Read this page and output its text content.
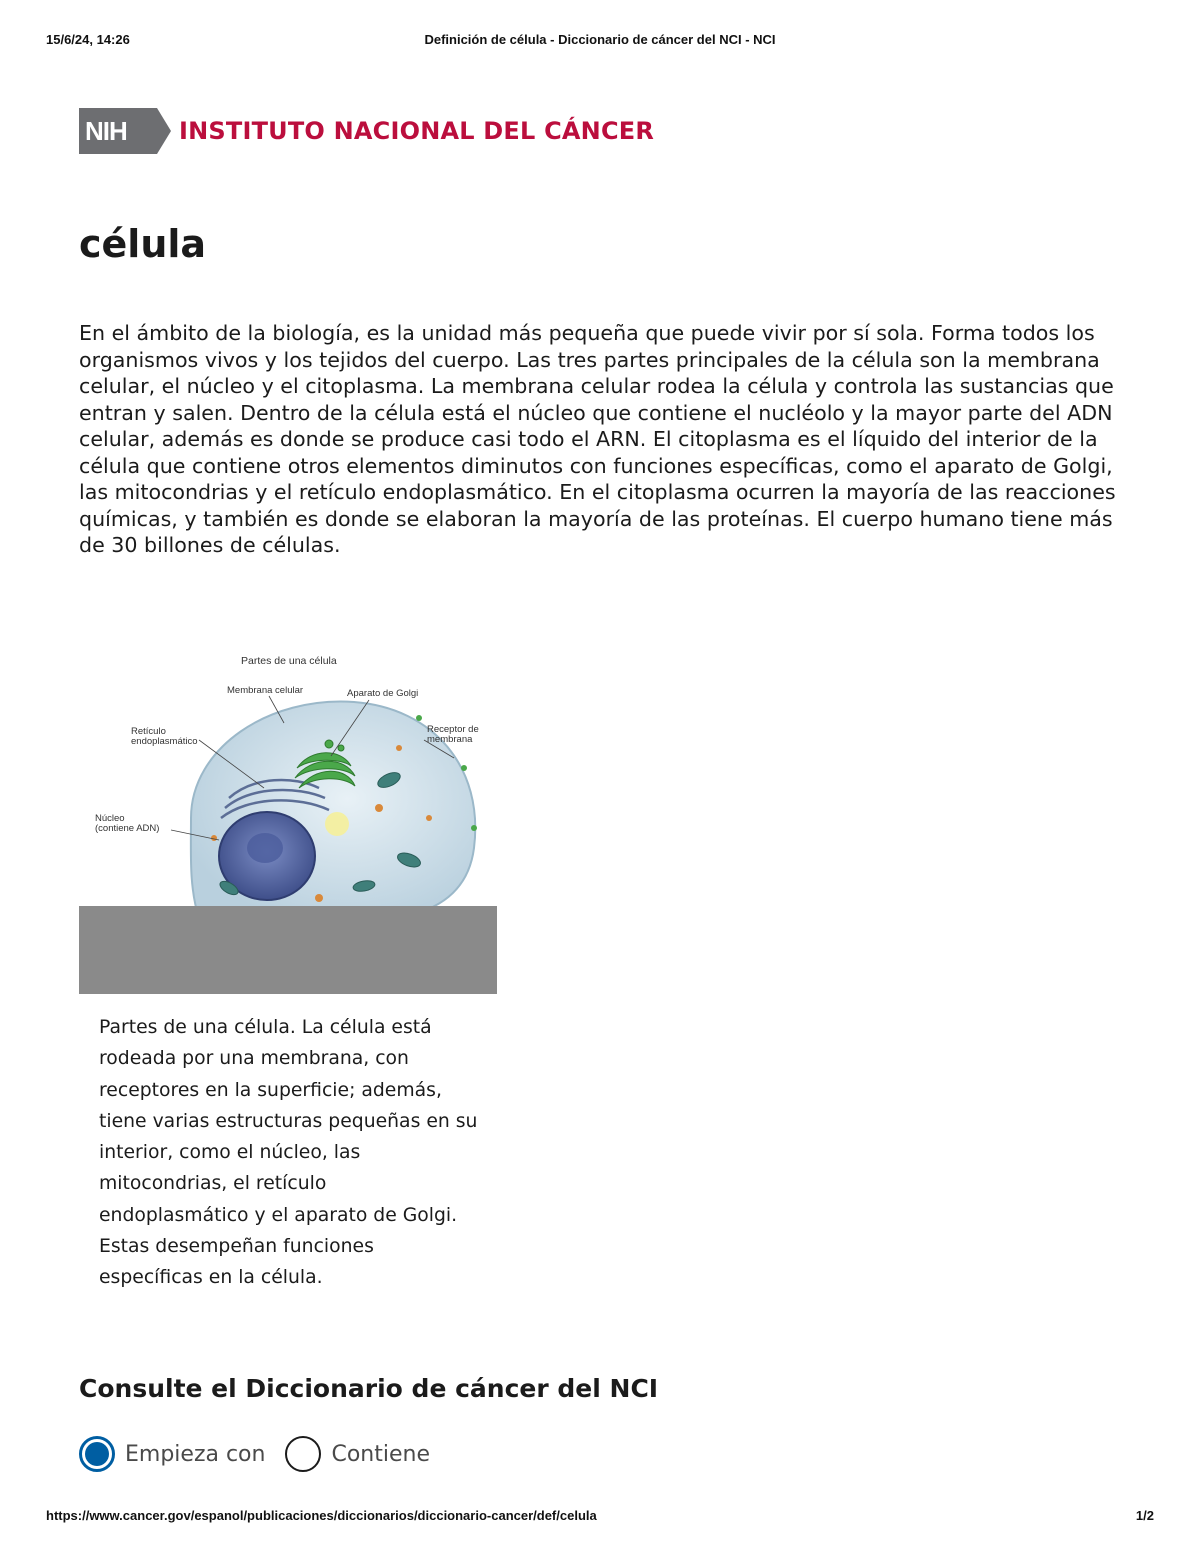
15/6/24, 14:26	Definición de célula - Diccionario de cáncer del NCI - NCI
NIH INSTITUTO NACIONAL DEL CÁNCER
célula

En el ámbito de la biología, es la unidad más pequeña que puede vivir por sí sola. Forma todos los organismos vivos y los tejidos del cuerpo. Las tres partes principales de la célula son la membrana celular, el núcleo y el citoplasma. La membrana celular rodea la célula y controla las sustancias que entran y salen. Dentro de la célula está el núcleo que contiene el nucléolo y la mayor parte del ADN celular, además es donde se produce casi todo el ARN. El citoplasma es el líquido del interior de la célula que contiene otros elementos diminutos con funciones específicas, como el aparato de Golgi, las mitocondrias y el retículo endoplasmático. En el citoplasma ocurren la mayoría de las reacciones químicas, y también es donde se elaboran la mayoría de las proteínas. El cuerpo humano tiene más de 30 billones de células.

Partes de una célula
Membrana celular	Aparato de Golgi
Retículo
endoplasmático
Receptor de
membrana
Núcleo
(contiene ADN)

Partes de una célula. La célula está rodeada por una membrana, con receptores en la superficie; además, tiene varias estructuras pequeñas en su interior, como el núcleo, las mitocondrias, el retículo endoplasmático y el aparato de Golgi. Estas desempeñan funciones específicas en la célula.

Consulte el Diccionario de cáncer del NCI
Empieza con	Contiene
https://www.cancer.gov/espanol/publicaciones/diccionarios/diccionario-cancer/def/celula	1/2
